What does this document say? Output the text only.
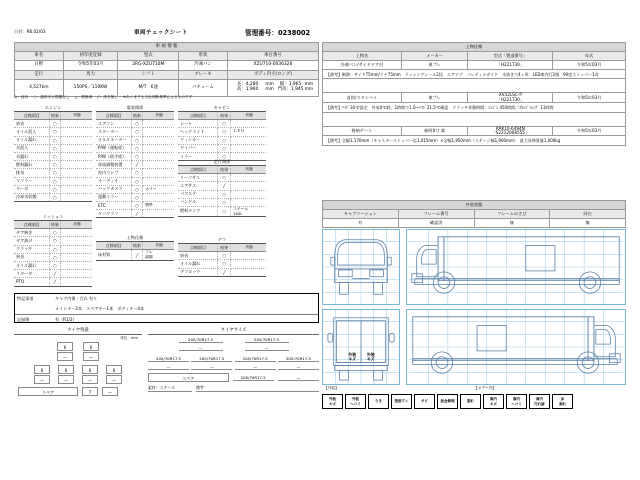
日付：R6.02/03	車両チェックシート	管理番号：0238002
車 両 情 報				
車名	初年度登録	型式	形状	車台番号
日野	令和5年03月	2RG-XZU710M	冷凍バン	XZU710-0036328
走行	馬力	シフト	ブレーキ	ボディ内寸(ロング)
4,527km	150PS／110KW	M/T　6速	バキューム	長：4,280 mm 幅：1,965 mm
高：1,960 mm 門高：1,945mm
◎：良好 ○：通常走行問題なし △：要修理 ╱：該当無し ※あくまでも当社判断基準によるものです
エンジン
点検項目	結果	状態
異音	○	
オイル混入	○	
オイル漏れ	○	
水混入	○	
水漏れ	○	
燃料漏れ	○	
排気	○	
マフラー	○	
ターボ	○	
冷却水状態	○	
ミッション
点検項目	結果	状態
ギア鳴き	○	
ギア抜け	○	
クラッチ	○	
異音	○	
オイル漏れ	○	
リターダ	╱	
PTO	╱	
電装関係
点検項目	結果	状態
エアコン	○	
スターター	○	
オルタネーター	○	
P/W（運転席）	○	
P/W（助手席）	○	
車高調整装置	╱	
室内ランプ	○	
オーディオ	○	
バックカメラ	○	カラー
電動ミラー	○	
ETC	○	標準
タコグラフ	╱	
上物仕様
点検項目	結果	状態
床材質	╱	アル
縞鋼
キャビン
点検項目	結果	状態
シート	○	
ヘッドライト	○	ＬＥＤ
ウィンカー	○	
ワイパー	○	
ミラー	○	
走行関係
点検項目	結果	状態
リーフサス	○	
エアサス	╱	
パワステ	○	
ハンドル	○	
燃料タンク	○	スチール
100L
デフ
点検項目	結果	状態
異音	○	
オイル漏れ	○	
デフロック	╱	
特記事項	キャブ内傷・汚れ 有り
メインキー2本　スペアキー1本　ボディキー4本
記録簿	有（R1/2）
タイヤ残量
単位：mm
6	6
—	—
6	6	6	6
—	—	—	—
スペア	7	—
タイヤサイズ
205/70R17.5	205/70R17.5
—	—
205/70R17.5	205/70R17.5	205/70R17.5	205/70R17.5
—	—	—	—
スペア	205/70R17.5	—
素材：スチール	備考：
上物仕様			
上物名	メーカー	型式「製造番号」	年式
冷凍バン/サイドドア付	東プレ	「H221T30」	令和5年03月
【備考】断熱：サイドT5mm/リヤ75mm　ラッシングレール2段　エアリブ　パレティナガイド　水抜き穴4ヶ所　LED車内灯2個　90度ストッパー1対			

直結/スタンバイ	東プレ	XV32LSC-P
「H221T30」	令和5年03月
【備考】ｱｲﾄﾞ30℃設定　外気0℃時、1時間で1.0→ｱｲﾄﾞ21.5℃確認　クラッチ作動時間：ｴﾝｼﾞﾝ 450時間／ｽﾀﾝﾊﾞｲｼﾝｸﾞ 11時間			

格納ゲート	新明和工業	RAK10-6494N
「S2212008555」	令和5年03月
【備考】全幅1,170mm（キャスターストッパー迄1,015mm）×全幅1,950mm（ステージ幅1,900mm）　最大昇降質量1,000kg			
外装状態			
キャブコーション	フレーム番号	フレームのさび	同右
有	確認済	無	無
外装
キズ
外装
キズ
【外装】	【ボデー内】
外装
キズ
外装
ヘコミ
うき	塗装ワレ	サビ	板金修理	割れ	庫内
キズ
庫内
ヘコミ
庫内
汚れ跡
床
剥れ
